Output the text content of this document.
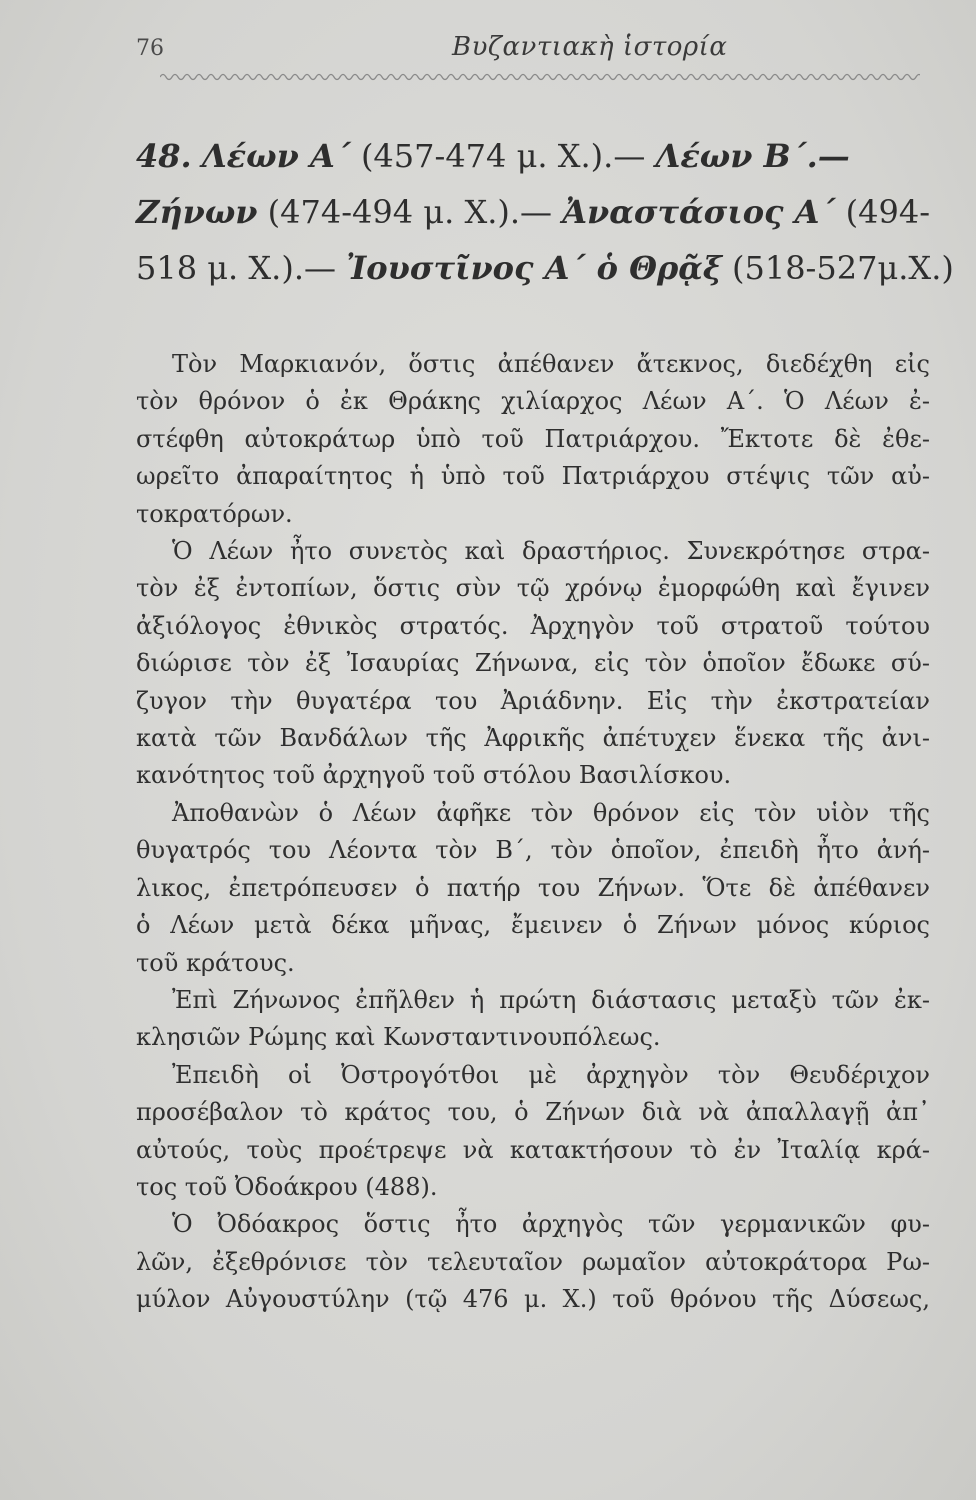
76	Βυζαντιακὴ ἱστορία
48. Λέων Α΄ (457-474 μ. Χ.).— Λέων Β΄.—
Ζήνων (474-494 μ. Χ.).— Ἀναστάσιος Α΄ (494-
518 μ. Χ.).— Ἰουστῖνος Α΄ ὁ Θρᾷξ (518-527μ.Χ.)
Τὸν Μαρκιανόν, ὅστις ἀπέθανεν ἄτεκνος, διεδέχθη εἰς
τὸν θρόνον ὁ ἐκ Θράκης χιλίαρχος Λέων Α΄. Ὁ Λέων ἐ-
στέφθη αὐτοκράτωρ ὑπὸ τοῦ Πατριάρχου. Ἔκτοτε δὲ ἐθε-
ωρεῖτο ἀπαραίτητος ἡ ὑπὸ τοῦ Πατριάρχου στέψις τῶν αὐ-
τοκρατόρων.
Ὁ Λέων ἦτο συνετὸς καὶ δραστήριος. Συνεκρότησε στρα-
τὸν ἐξ ἐντοπίων, ὅστις σὺν τῷ χρόνῳ ἐμορφώθη καὶ ἔγινεν
ἀξιόλογος ἐθνικὸς στρατός. Ἀρχηγὸν τοῦ στρατοῦ τούτου
διώρισε τὸν ἐξ Ἰσαυρίας Ζήνωνα, εἰς τὸν ὁποῖον ἔδωκε σύ-
ζυγον τὴν θυγατέρα του Ἀριάδνην. Εἰς τὴν ἐκστρατείαν
κατὰ τῶν Βανδάλων τῆς Ἀφρικῆς ἀπέτυχεν ἕνεκα τῆς ἀνι-
κανότητος τοῦ ἀρχηγοῦ τοῦ στόλου Βασιλίσκου.
Ἀποθανὼν ὁ Λέων ἀφῆκε τὸν θρόνον εἰς τὸν υἱὸν τῆς
θυγατρός του Λέοντα τὸν Β΄, τὸν ὁποῖον, ἐπειδὴ ἦτο ἀνή-
λικος, ἐπετρόπευσεν ὁ πατήρ του Ζήνων. Ὅτε δὲ ἀπέθανεν
ὁ Λέων μετὰ δέκα μῆνας, ἔμεινεν ὁ Ζήνων μόνος κύριος
τοῦ κράτους.
Ἐπὶ Ζήνωνος ἐπῆλθεν ἡ πρώτη διάστασις μεταξὺ τῶν ἐκ-
κλησιῶν Ρώμης καὶ Κωνσταντινουπόλεως.
Ἐπειδὴ οἱ Ὀστρογότθοι μὲ ἀρχηγὸν τὸν Θευδέριχον
προσέβαλον τὸ κράτος του, ὁ Ζήνων διὰ νὰ ἀπαλλαγῇ ἀπ᾿
αὐτούς, τοὺς προέτρεψε νὰ κατακτήσουν τὸ ἐν Ἰταλίᾳ κρά-
τος τοῦ Ὀδοάκρου (488).
Ὁ Ὀδόακρος ὅστις ἦτο ἀρχηγὸς τῶν γερμανικῶν φυ-
λῶν, ἐξεθρόνισε τὸν τελευταῖον ρωμαῖον αὐτοκράτορα Ρω-
μύλον Αὐγουστύλην (τῷ 476 μ. Χ.) τοῦ θρόνου τῆς Δύσεως,
